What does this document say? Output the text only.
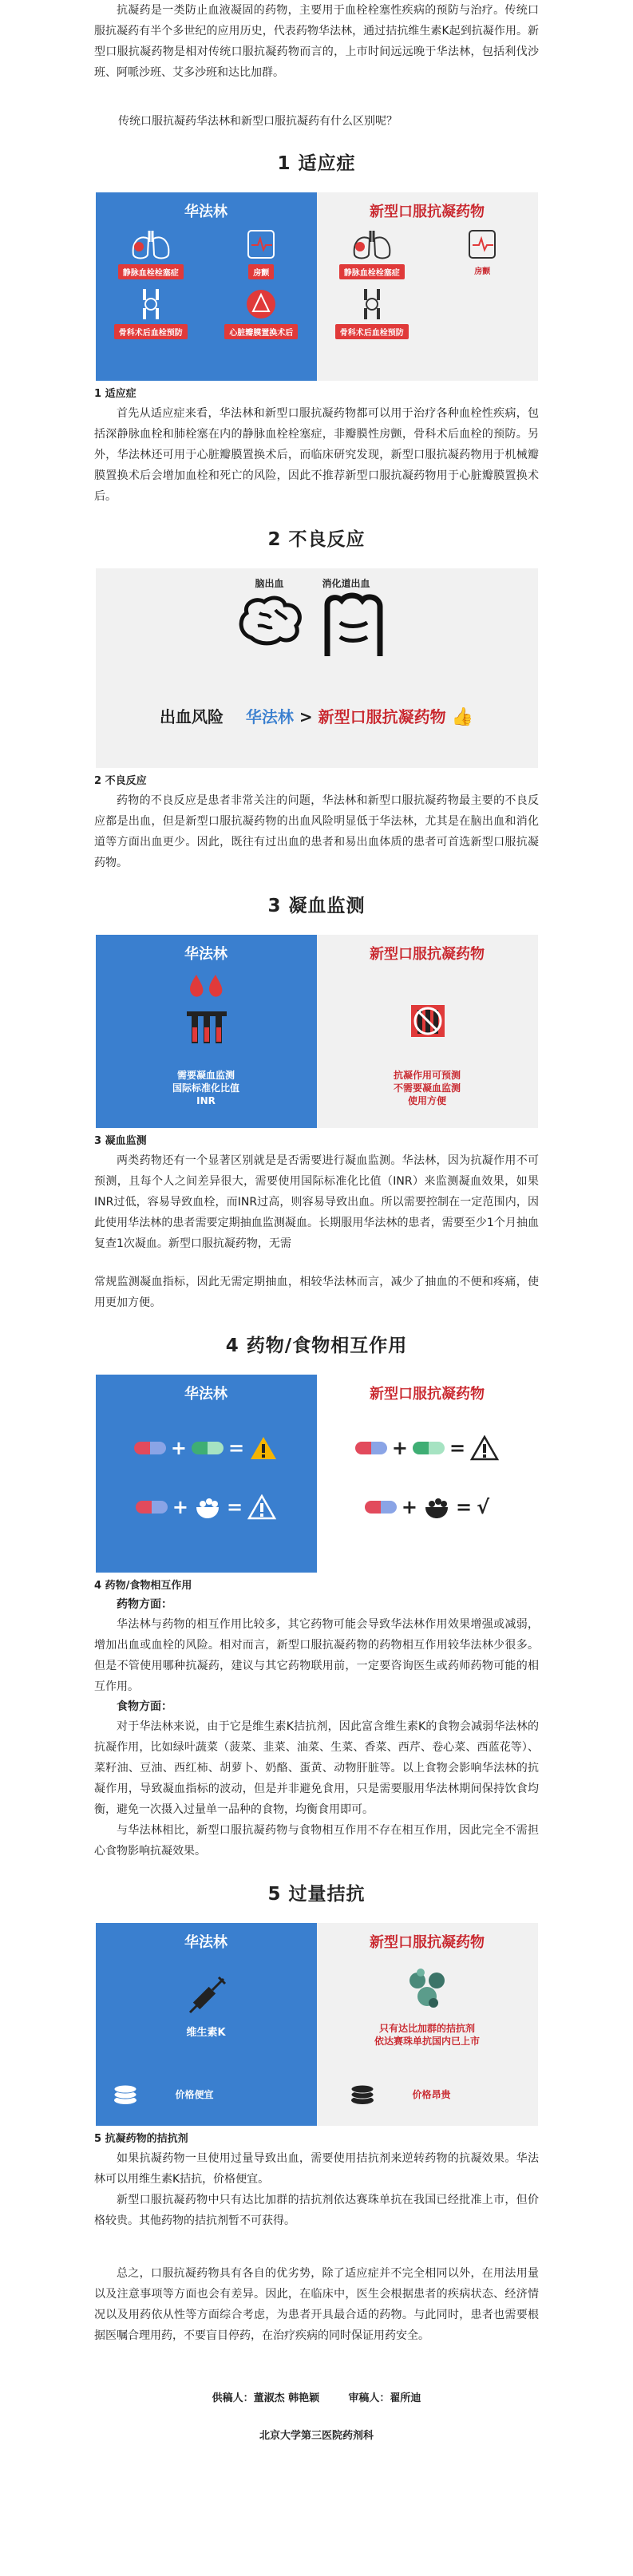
抗凝药是一类防止血液凝固的药物，主要用于血栓栓塞性疾病的预防与治疗。传统口服抗凝药有半个多世纪的应用历史，代表药物华法林，通过拮抗维生素K起到抗凝作用。新型口服抗凝药物是相对传统口服抗凝药物而言的，上市时间远远晚于华法林，包括利伐沙班、阿哌沙班、艾多沙班和达比加群。

传统口服抗凝药华法林和新型口服抗凝药有什么区别呢？
1 适应症
华法林
静脉血栓栓塞症	房颤
骨科术后血栓预防	心脏瓣膜置换术后
新型口服抗凝药物
静脉血栓栓塞症	房颤
骨科术后血栓预防
1 适应症

首先从适应症来看，华法林和新型口服抗凝药物都可以用于治疗各种血栓性疾病，包括深静脉血栓和肺栓塞在内的静脉血栓栓塞症，非瓣膜性房颤，骨科术后血栓的预防。另外，华法林还可用于心脏瓣膜置换术后，而临床研究发现，新型口服抗凝药物用于机械瓣膜置换术后会增加血栓和死亡的风险，因此不推荐新型口服抗凝药物用于心脏瓣膜置换术后。

2 不良反应
脑出血	消化道出血
出血风险 华法林 > 新型口服抗凝药物 👍
2 不良反应

药物的不良反应是患者非常关注的问题，华法林和新型口服抗凝药物最主要的不良反应都是出血，但是新型口服抗凝药物的出血风险明显低于华法林，尤其是在脑出血和消化道等方面出血更少。因此，既往有过出血的患者和易出血体质的患者可首选新型口服抗凝药物。

3 凝血监测
华法林
需要凝血监测
国际标准化比值
INR
新型口服抗凝药物
抗凝作用可预测
不需要凝血监测
使用方便
3 凝血监测

两类药物还有一个显著区别就是是否需要进行凝血监测。华法林，因为抗凝作用不可预测，且每个人之间差异很大，需要使用国际标准化比值（INR）来监测凝血效果，如果INR过低，容易导致血栓，而INR过高，则容易导致出血。所以需要控制在一定范围内，因此使用华法林的患者需要定期抽血监测凝血。长期服用华法林的患者，需要至少1个月抽血复查1次凝血。新型口服抗凝药物，无需

常规监测凝血指标，因此无需定期抽血，相较华法林而言，减少了抽血的不便和疼痛，使用更加方便。

4 药物/食物相互作用
华法林
+ =
+ =
新型口服抗凝药物
+ =
+ = √
4 药物/食物相互作用
药物方面：

华法林与药物的相互作用比较多，其它药物可能会导致华法林作用效果增强或减弱，增加出血或血栓的风险。相对而言，新型口服抗凝药物的药物相互作用较华法林少很多。但是不管使用哪种抗凝药，建议与其它药物联用前，一定要咨询医生或药师药物可能的相互作用。

食物方面：

对于华法林来说，由于它是维生素K拮抗剂，因此富含维生素K的食物会减弱华法林的抗凝作用，比如绿叶蔬菜（菠菜、韭菜、油菜、生菜、香菜、西芹、卷心菜、西蓝花等）、菜籽油、豆油、西红柿、胡萝卜、奶酪、蛋黄、动物肝脏等。以上食物会影响华法林的抗凝作用，导致凝血指标的波动，但是并非避免食用，只是需要服用华法林期间保持饮食均衡，避免一次摄入过量单一品种的食物，均衡食用即可。

与华法林相比，新型口服抗凝药物与食物相互作用不存在相互作用，因此完全不需担心食物影响抗凝效果。

5 过量拮抗
华法林
维生素K
价格便宜
新型口服抗凝药物
只有达比加群的拮抗剂
依达赛珠单抗国内已上市
价格昂贵
5 抗凝药物的拮抗剂

如果抗凝药物一旦使用过量导致出血，需要使用拮抗剂来逆转药物的抗凝效果。华法林可以用维生素K拮抗，价格便宜。

新型口服抗凝药物中只有达比加群的拮抗剂依达赛珠单抗在我国已经批准上市，但价格较贵。其他药物的拮抗剂暂不可获得。

总之，口服抗凝药物具有各自的优劣势，除了适应症并不完全相同以外，在用法用量以及注意事项等方面也会有差异。因此，在临床中，医生会根据患者的疾病状态、经济情况以及用药依从性等方面综合考虑，为患者开具最合适的药物。与此同时，患者也需要根据医嘱合理用药，不要盲目停药，在治疗疾病的同时保证用药安全。

供稿人：董淑杰 韩艳颖	审稿人：翟所迪
北京大学第三医院药剂科
